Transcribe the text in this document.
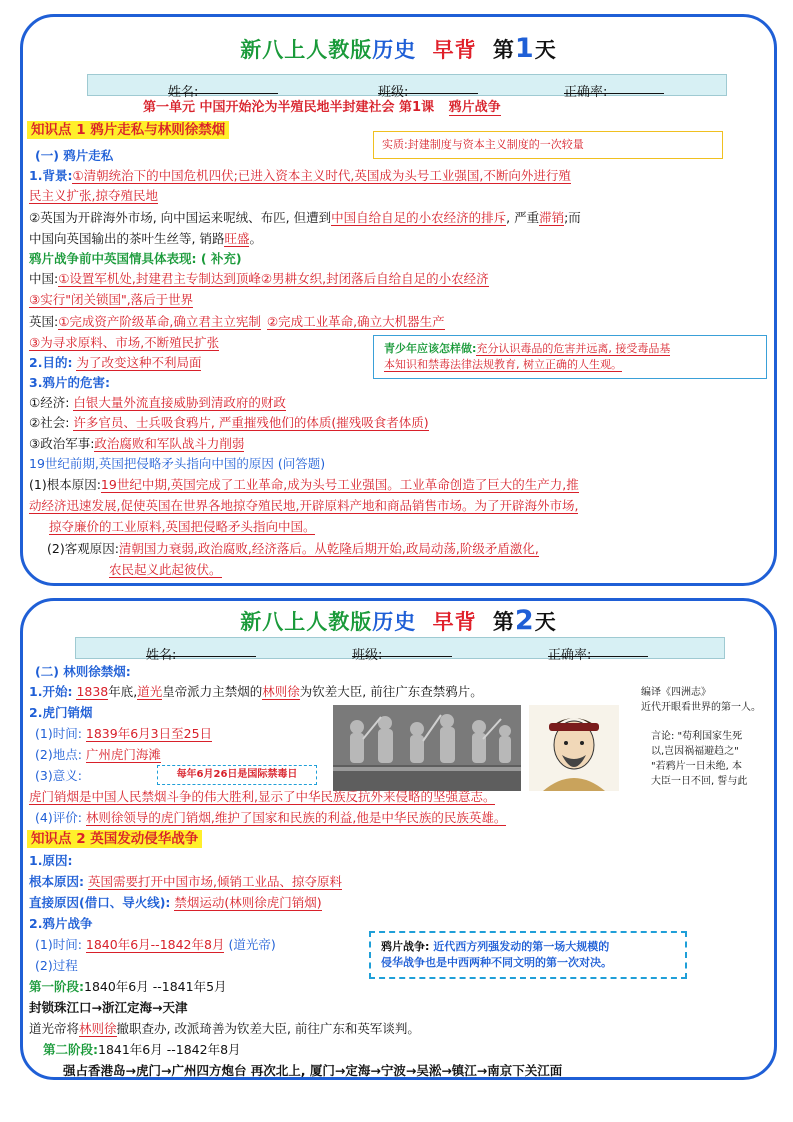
新八上人教版历史 早背 第1天
姓名:	班级:	正确率:
第一单元 中国开始沦为半殖民地半封建社会 第1课 鸦片战争
知识点 1 鸦片走私与林则徐禁烟
实质:封建制度与资本主义制度的一次较量
(一) 鸦片走私
1.背景:①清朝统治下的中国危机四伏;已进入资本主义时代,英国成为头号工业强国,不断向外进行殖
民主义扩张,掠夺殖民地
②英国为开辟海外市场, 向中国运来呢绒、布匹, 但遭到中国自给自足的小农经济的排斥, 严重滞销;而
中国向英国输出的茶叶生丝等, 销路旺盛。
鸦片战争前中英国情具体表现: ( 补充)
中国:①设置军机处,封建君主专制达到顶峰②男耕女织,封闭落后自给自足的小农经济
③实行"闭关锁国",落后于世界
英国:①完成资产阶级革命,确立君主立宪制 ②完成工业革命,确立大机器生产
③为寻求原料、市场,不断殖民扩张	青少年应该怎样做:充分认识毒品的危害并远离, 接受毒品基
本知识和禁毒法律法规教育, 树立正确的人生观。
2.目的: 为了改变这种不利局面
3.鸦片的危害:
①经济: 白银大量外流直接威胁到清政府的财政
②社会: 许多官员、士兵吸食鸦片, 严重摧残他们的体质(摧残吸食者体质)
③政治军事:政治腐败和军队战斗力削弱
19世纪前期,英国把侵略矛头指向中国的原因 (问答题)
(1)根本原因:19世纪中期,英国完成了工业革命,成为头号工业强国。工业革命创造了巨大的生产力,推
动经济迅速发展,促使英国在世界各地掠夺殖民地,开辟原料产地和商品销售市场。为了开辟海外市场,
掠夺廉价的工业原料,英国把侵略矛头指向中国。
(2)客观原因:清朝国力衰弱,政治腐败,经济落后。从乾隆后期开始,政局动荡,阶级矛盾激化,
农民起义此起彼伏。
新八上人教版历史 早背 第2天
姓名:	班级:	正确率:
(二) 林则徐禁烟:
1.开始: 1838年底,道光皇帝派力主禁烟的林则徐为钦差大臣, 前往广东查禁鸦片。
2.虎门销烟
(1)时间: 1839年6月3日至25日
(2)地点: 广州虎门海滩
(3)意义:	每年6月26日是国际禁毒日
编译《四洲志》
近代开眼看世界的第一人。
言论: "苟利国家生死
以,岂因祸福避趋之"
"若鸦片一日未绝, 本
大臣一日不回, 誓与此
虎门销烟是中国人民禁烟斗争的伟大胜利,显示了中华民族反抗外来侵略的坚强意志。
(4)评价: 林则徐领导的虎门销烟,维护了国家和民族的利益,他是中华民族的民族英雄。
知识点 2 英国发动侵华战争
1.原因:
根本原因: 英国需要打开中国市场,倾销工业品、掠夺原料
直接原因(借口、导火线): 禁烟运动(林则徐虎门销烟)
2.鸦片战争
(1)时间: 1840年6月--1842年8月 (道光帝)
(2)过程
鸦片战争: 近代西方列强发动的第一场大规模的
侵华战争也是中西两种不同文明的第一次对决。
第一阶段:1840年6月 --1841年5月
封锁珠江口→浙江定海→天津
道光帝将林则徐撤职查办, 改派琦善为钦差大臣, 前往广东和英军谈判。
第二阶段:1841年6月 --1842年8月
强占香港岛→虎门→广州四方炮台 再次北上, 厦门→定海→宁波→吴淞→镇江→南京下关江面
